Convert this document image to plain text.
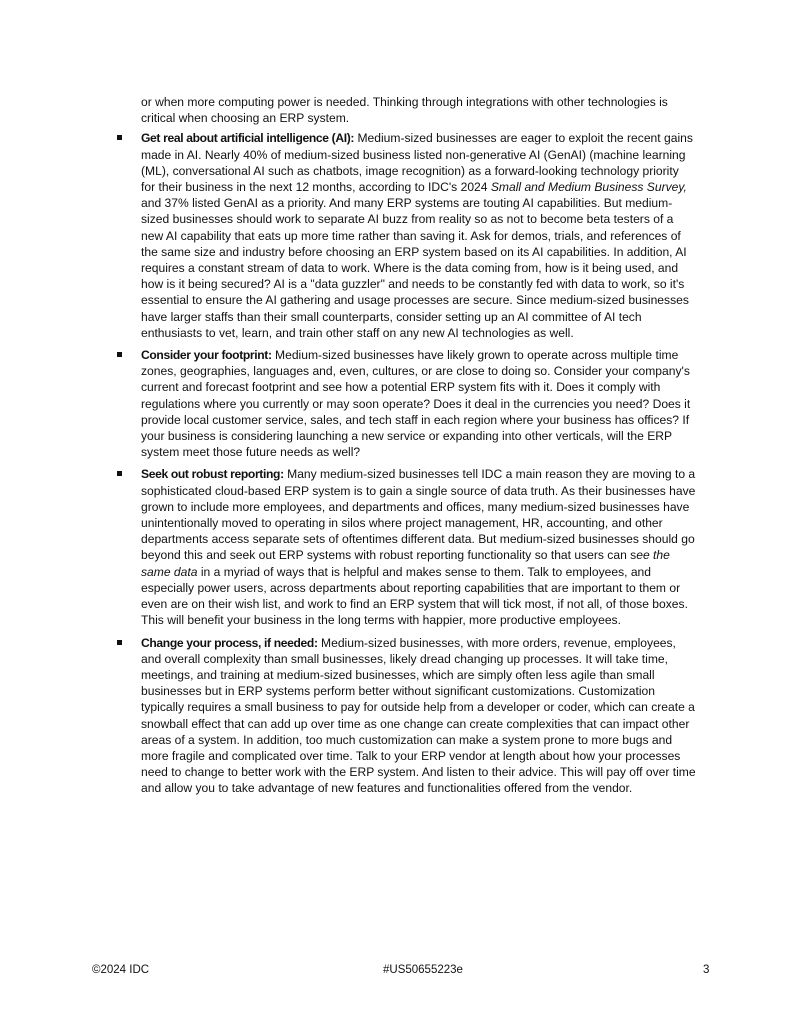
or when more computing power is needed. Thinking through integrations with other technologies is critical when choosing an ERP system.

Get real about artificial intelligence (AI): Medium-sized businesses are eager to exploit the recent gains made in AI. Nearly 40% of medium-sized business listed non-generative AI (GenAI) (machine learning (ML), conversational AI such as chatbots, image recognition) as a forward-looking technology priority for their business in the next 12 months, according to IDC's 2024 Small and Medium Business Survey, and 37% listed GenAI as a priority. And many ERP systems are touting AI capabilities. But medium-sized businesses should work to separate AI buzz from reality so as not to become beta testers of a new AI capability that eats up more time rather than saving it. Ask for demos, trials, and references of the same size and industry before choosing an ERP system based on its AI capabilities. In addition, AI requires a constant stream of data to work. Where is the data coming from, how is it being used, and how is it being secured? AI is a "data guzzler" and needs to be constantly fed with data to work, so it's essential to ensure the AI gathering and usage processes are secure. Since medium-sized businesses have larger staffs than their small counterparts, consider setting up an AI committee of AI tech enthusiasts to vet, learn, and train other staff on any new AI technologies as well.
Consider your footprint: Medium-sized businesses have likely grown to operate across multiple time zones, geographies, languages and, even, cultures, or are close to doing so. Consider your company's current and forecast footprint and see how a potential ERP system fits with it. Does it comply with regulations where you currently or may soon operate? Does it deal in the currencies you need? Does it provide local customer service, sales, and tech staff in each region where your business has offices? If your business is considering launching a new service or expanding into other verticals, will the ERP system meet those future needs as well?
Seek out robust reporting: Many medium-sized businesses tell IDC a main reason they are moving to a sophisticated cloud-based ERP system is to gain a single source of data truth. As their businesses have grown to include more employees, and departments and offices, many medium-sized businesses have unintentionally moved to operating in silos where project management, HR, accounting, and other departments access separate sets of oftentimes different data. But medium-sized businesses should go beyond this and seek out ERP systems with robust reporting functionality so that users can see the same data in a myriad of ways that is helpful and makes sense to them. Talk to employees, and especially power users, across departments about reporting capabilities that are important to them or even are on their wish list, and work to find an ERP system that will tick most, if not all, of those boxes. This will benefit your business in the long terms with happier, more productive employees.
Change your process, if needed: Medium-sized businesses, with more orders, revenue, employees, and overall complexity than small businesses, likely dread changing up processes. It will take time, meetings, and training at medium-sized businesses, which are simply often less agile than small businesses but in ERP systems perform better without significant customizations. Customization typically requires a small business to pay for outside help from a developer or coder, which can create a snowball effect that can add up over time as one change can create complexities that can impact other areas of a system. In addition, too much customization can make a system prone to more bugs and more fragile and complicated over time. Talk to your ERP vendor at length about how your processes need to change to better work with the ERP system. And listen to their advice. This will pay off over time and allow you to take advantage of new features and functionalities offered from the vendor.
©2024 IDC	#US50655223e	3
